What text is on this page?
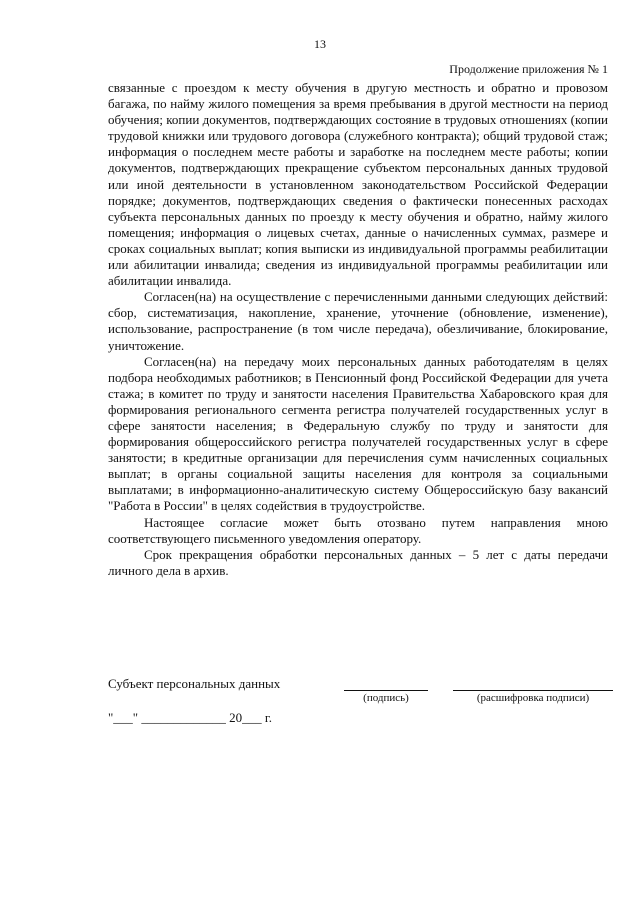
13
Продолжение приложения № 1

связанные с проездом к месту обучения в другую местность и обратно и провозом багажа, по найму жилого помещения за время пребывания в другой местности на период обучения; копии документов, подтверждающих состояние в трудовых отношениях (копии трудовой книжки или трудового договора (служебного контракта); общий трудовой стаж; информация о последнем месте работы и заработке на последнем месте работы; копии документов, подтверждающих прекращение субъектом персональных данных трудовой или иной деятельности в установленном законодательством Российской Федерации порядке; документов, подтверждающих сведения о фактически понесенных расходах субъекта персональных данных по проезду к месту обучения и обратно, найму жилого помещения; информация о лицевых счетах, данные о начисленных суммах, размере и сроках социальных выплат; копия выписки из индивидуальной программы реабилитации или абилитации инвалида; сведения из индивидуальной программы реабилитации или абилитации инвалида.

Согласен(на) на осуществление с перечисленными данными следующих действий: сбор, систематизация, накопление, хранение, уточнение (обновление, изменение), использование, распространение (в том числе передача), обезличивание, блокирование, уничтожение.

Согласен(на) на передачу моих персональных данных работодателям в целях подбора необходимых работников; в Пенсионный фонд Российской Федерации для учета стажа; в комитет по труду и занятости населения Правительства Хабаровского края для формирования регионального сегмента регистра получателей государственных услуг в сфере занятости населения; в Федеральную службу по труду и занятости для формирования общероссийского регистра получателей государственных услуг в сфере занятости; в кредитные организации для перечисления сумм начисленных социальных выплат; в органы социальной защиты населения для контроля за социальными выплатами; в информационно-аналитическую систему Общероссийскую базу вакансий "Работа в России" в целях содействия в трудоустройстве.

Настоящее согласие может быть отозвано путем направления мною соответствующего письменного уведомления оператору.

Срок прекращения обработки персональных данных – 5 лет с даты передачи личного дела в архив.

Субъект персональных данных
(подпись)	(расшифровка подписи)
"___" _____________ 20___ г.
